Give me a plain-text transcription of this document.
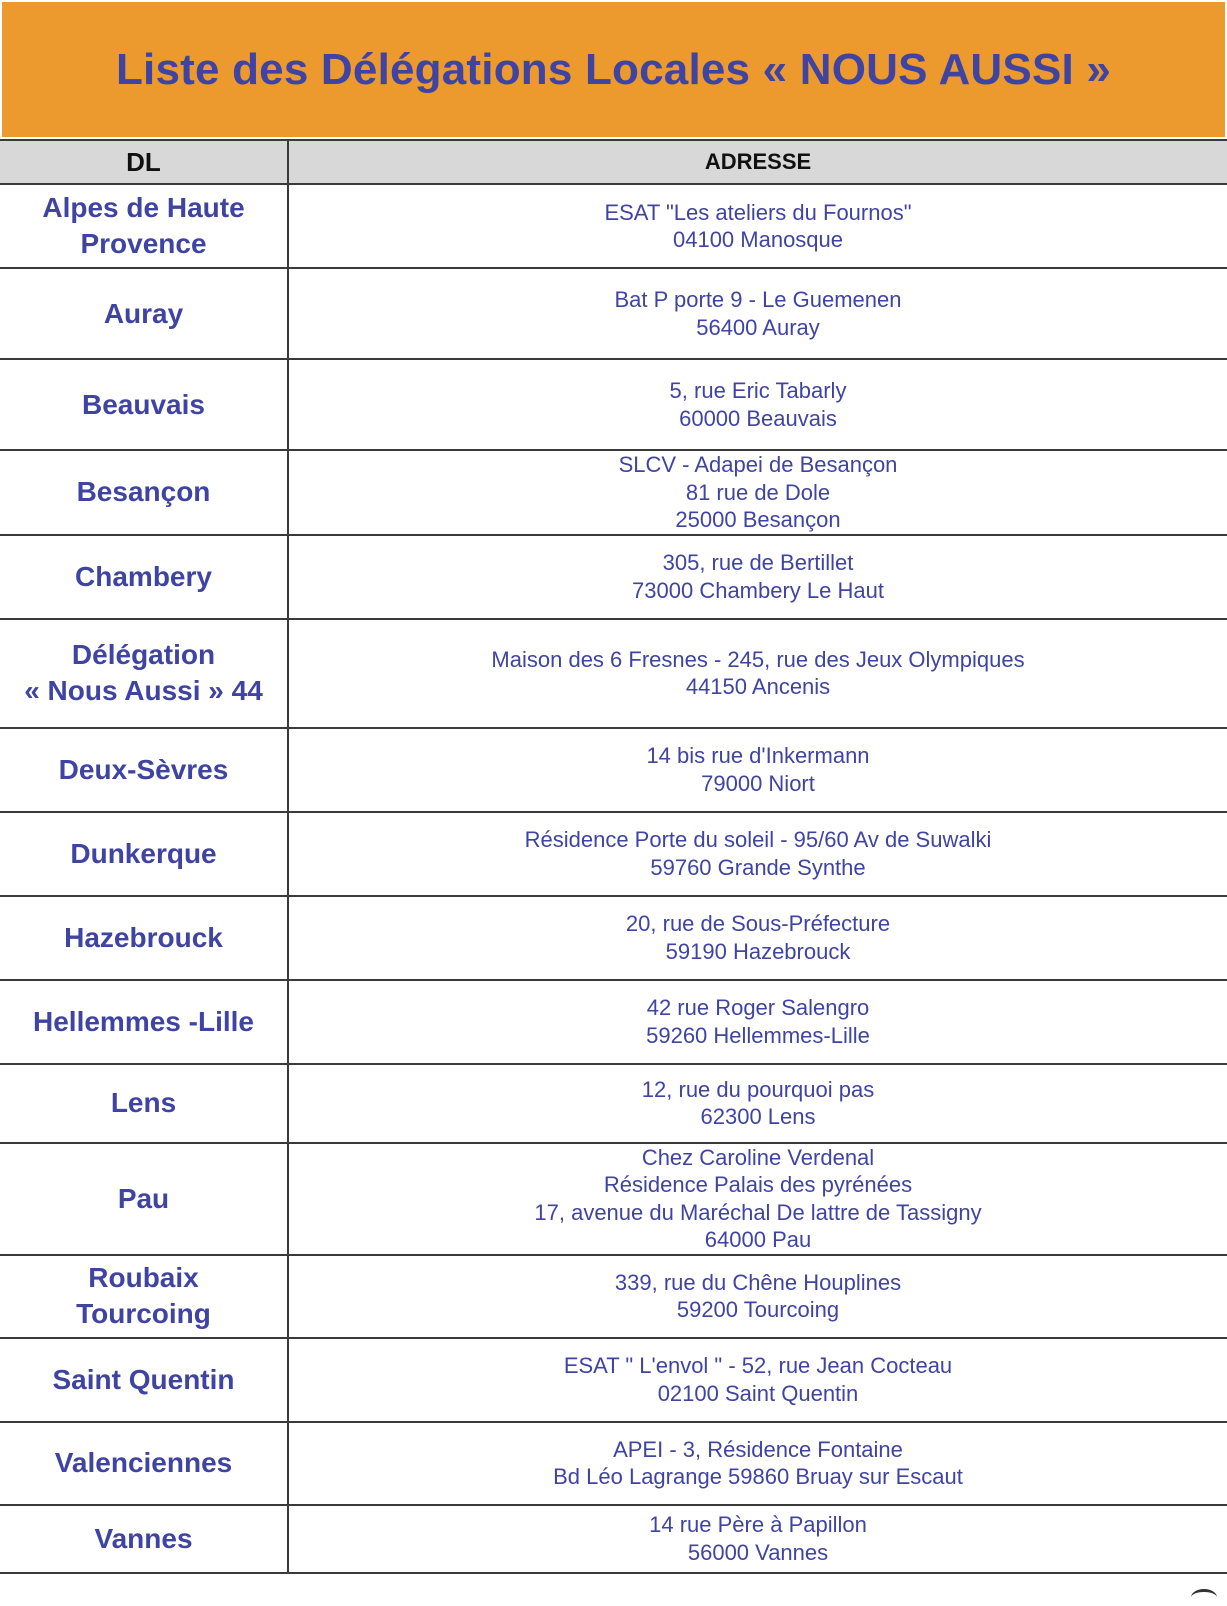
Liste des Délégations Locales « NOUS AUSSI »
DL	ADRESSE

Alpes de Haute
Provence	ESAT "Les ateliers du Fournos"
04100 Manosque

Auray	Bat P porte 9 - Le Guemenen
56400 Auray

Beauvais	5, rue Eric Tabarly
60000 Beauvais

Besançon	SLCV - Adapei de Besançon
81 rue de Dole
25000 Besançon

Chambery	305, rue de Bertillet
73000 Chambery Le Haut

Délégation
« Nous Aussi » 44	Maison des 6 Fresnes - 245, rue des Jeux Olympiques
44150 Ancenis

Deux-Sèvres	14 bis rue d'Inkermann
79000 Niort

Dunkerque	Résidence Porte du soleil - 95/60 Av de Suwalki
59760 Grande Synthe

Hazebrouck	20, rue de Sous-Préfecture
59190 Hazebrouck

Hellemmes -Lille	42 rue Roger Salengro
59260 Hellemmes-Lille

Lens	12, rue du pourquoi pas
62300 Lens

Pau	Chez Caroline Verdenal
Résidence Palais des pyrénées
17, avenue du Maréchal De lattre de Tassigny
64000 Pau

Roubaix
Tourcoing	339, rue du Chêne Houplines
59200 Tourcoing

Saint Quentin	ESAT " L'envol " - 52, rue Jean Cocteau
02100 Saint Quentin

Valenciennes	APEI - 3, Résidence Fontaine
Bd Léo Lagrange 59860 Bruay sur Escaut

Vannes	14 rue Père à Papillon
56000 Vannes
